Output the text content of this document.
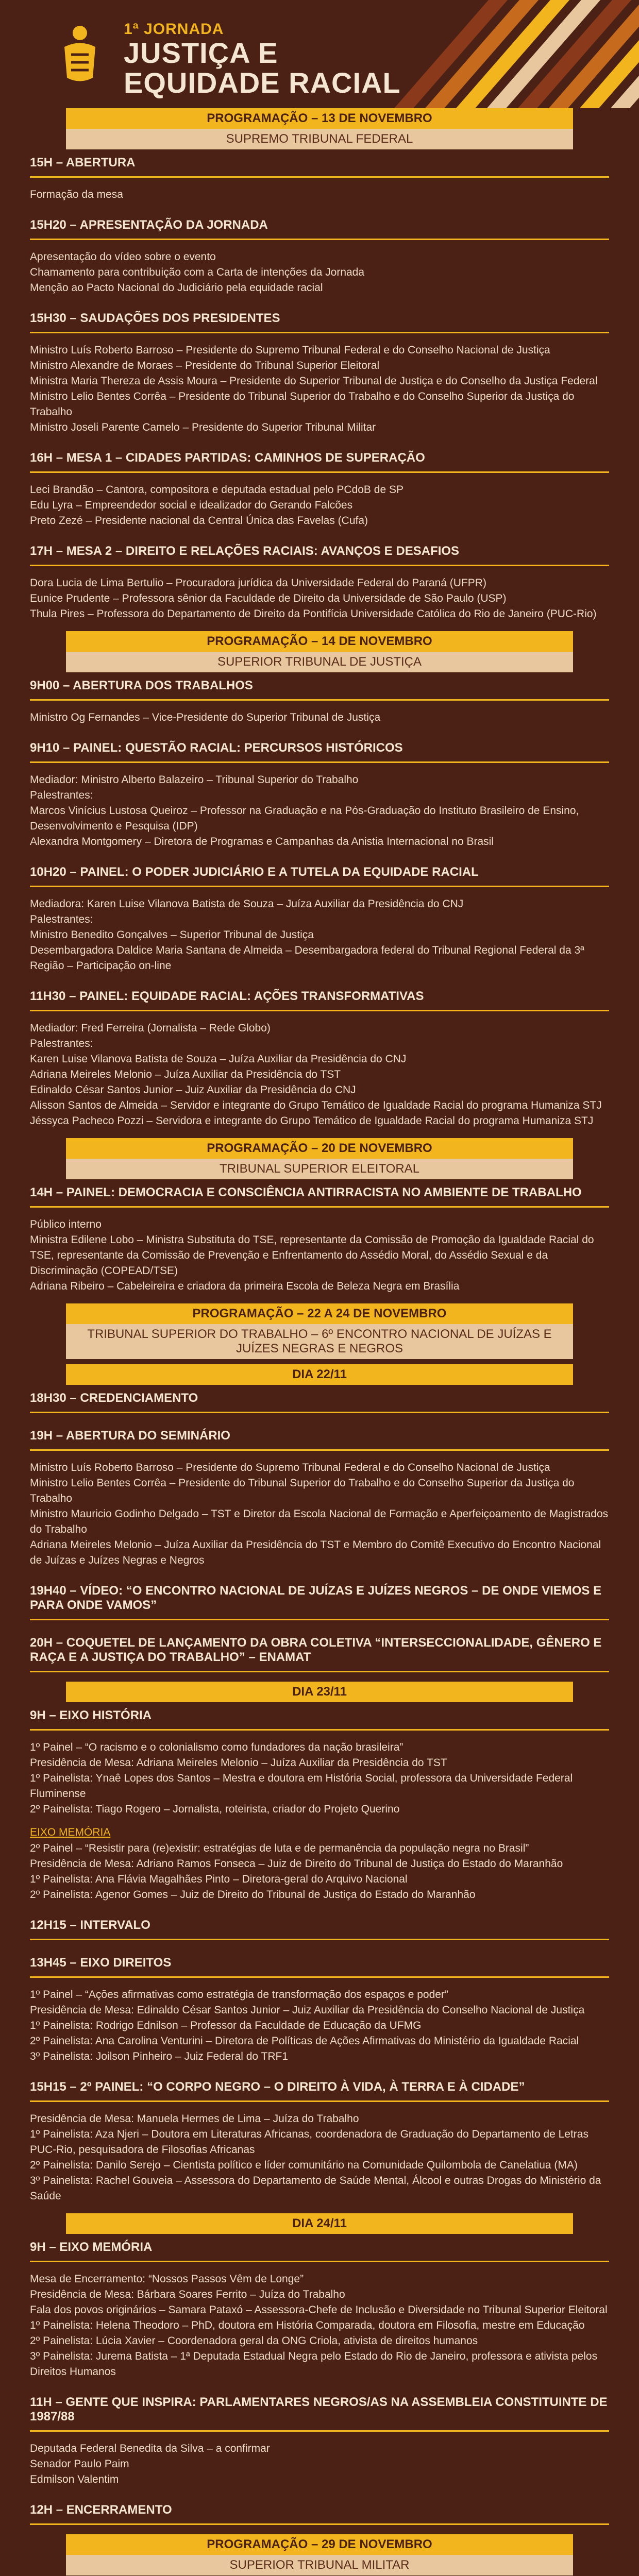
1ª JORNADA
JUSTIÇA E
EQUIDADE RACIAL
PROGRAMAÇÃO – 13 DE NOVEMBRO
SUPREMO TRIBUNAL FEDERAL
15H – ABERTURA

Formação da mesa

15H20 – APRESENTAÇÃO DA JORNADA

Apresentação do vídeo sobre o evento

Chamamento para contribuição com a Carta de intenções da Jornada

Menção ao Pacto Nacional do Judiciário pela equidade racial

15H30 – SAUDAÇÕES DOS PRESIDENTES

Ministro Luís Roberto Barroso – Presidente do Supremo Tribunal Federal e do Conselho Nacional de Justiça

Ministro Alexandre de Moraes – Presidente do Tribunal Superior Eleitoral

Ministra Maria Thereza de Assis Moura – Presidente do Superior Tribunal de Justiça e do Conselho da Justiça Federal

Ministro Lelio Bentes Corrêa – Presidente do Tribunal Superior do Trabalho e do Conselho Superior da Justiça do Trabalho

Ministro Joseli Parente Camelo – Presidente do Superior Tribunal Militar

16H – MESA 1 – CIDADES PARTIDAS: CAMINHOS DE SUPERAÇÃO

Leci Brandão – Cantora, compositora e deputada estadual pelo PCdoB de SP

Edu Lyra – Empreendedor social e idealizador do Gerando Falcões

Preto Zezé – Presidente nacional da Central Única das Favelas (Cufa)

17H – MESA 2 – DIREITO E RELAÇÕES RACIAIS: AVANÇOS E DESAFIOS

Dora Lucia de Lima Bertulio – Procuradora jurídica da Universidade Federal do Paraná (UFPR)

Eunice Prudente – Professora sênior da Faculdade de Direito da Universidade de São Paulo (USP)

Thula Pires – Professora do Departamento de Direito da Pontifícia Universidade Católica do Rio de Janeiro (PUC-Rio)

PROGRAMAÇÃO – 14 DE NOVEMBRO
SUPERIOR TRIBUNAL DE JUSTIÇA
9H00 – ABERTURA DOS TRABALHOS

Ministro Og Fernandes – Vice-Presidente do Superior Tribunal de Justiça

9H10 – PAINEL: QUESTÃO RACIAL: PERCURSOS HISTÓRICOS

Mediador: Ministro Alberto Balazeiro – Tribunal Superior do Trabalho

Palestrantes:

Marcos Vinícius Lustosa Queiroz – Professor na Graduação e na Pós-Graduação do Instituto Brasileiro de Ensino, Desenvolvimento e Pesquisa (IDP)

Alexandra Montgomery – Diretora de Programas e Campanhas da Anistia Internacional no Brasil

10H20 – PAINEL: O PODER JUDICIÁRIO E A TUTELA DA EQUIDADE RACIAL

Mediadora: Karen Luise Vilanova Batista de Souza – Juíza Auxiliar da Presidência do CNJ

Palestrantes:

Ministro Benedito Gonçalves – Superior Tribunal de Justiça

Desembargadora Daldice Maria Santana de Almeida – Desembargadora federal do Tribunal Regional Federal da 3ª Região – Participação on-line

11H30 – PAINEL: EQUIDADE RACIAL: AÇÕES TRANSFORMATIVAS

Mediador: Fred Ferreira (Jornalista – Rede Globo)

Palestrantes:

Karen Luise Vilanova Batista de Souza – Juíza Auxiliar da Presidência do CNJ

Adriana Meireles Melonio – Juíza Auxiliar da Presidência do TST

Edinaldo César Santos Junior – Juiz Auxiliar da Presidência do CNJ

Alisson Santos de Almeida – Servidor e integrante do Grupo Temático de Igualdade Racial do programa Humaniza STJ

Jéssyca Pacheco Pozzi – Servidora e integrante do Grupo Temático de Igualdade Racial do programa Humaniza STJ

PROGRAMAÇÃO – 20 DE NOVEMBRO
TRIBUNAL SUPERIOR ELEITORAL
14H – PAINEL: DEMOCRACIA E CONSCIÊNCIA ANTIRRACISTA NO AMBIENTE DE TRABALHO

Público interno

Ministra Edilene Lobo – Ministra Substituta do TSE, representante da Comissão de Promoção da Igualdade Racial do TSE, representante da Comissão de Prevenção e Enfrentamento do Assédio Moral, do Assédio Sexual e da Discriminação (COPEAD/TSE)

Adriana Ribeiro – Cabeleireira e criadora da primeira Escola de Beleza Negra em Brasília

PROGRAMAÇÃO – 22 A 24 DE NOVEMBRO
TRIBUNAL SUPERIOR DO TRABALHO – 6º ENCONTRO NACIONAL DE JUÍZAS E JUÍZES NEGRAS E NEGROS
DIA 22/11
18H30 – CREDENCIAMENTO
19H – ABERTURA DO SEMINÁRIO

Ministro Luís Roberto Barroso – Presidente do Supremo Tribunal Federal e do Conselho Nacional de Justiça

Ministro Lelio Bentes Corrêa – Presidente do Tribunal Superior do Trabalho e do Conselho Superior da Justiça do Trabalho

Ministro Mauricio Godinho Delgado – TST e Diretor da Escola Nacional de Formação e Aperfeiçoamento de Magistrados do Trabalho

Adriana Meireles Melonio – Juíza Auxiliar da Presidência do TST e Membro do Comitê Executivo do Encontro Nacional de Juízas e Juízes Negras e Negros

19H40 – VÍDEO: “O ENCONTRO NACIONAL DE JUÍZAS E JUÍZES NEGROS – DE ONDE VIEMOS E PARA ONDE VAMOS”
20H – COQUETEL DE LANÇAMENTO DA OBRA COLETIVA “INTERSECCIONALIDADE, GÊNERO E RAÇA E A JUSTIÇA DO TRABALHO” – ENAMAT
DIA 23/11
9H – EIXO HISTÓRIA

1º Painel – “O racismo e o colonialismo como fundadores da nação brasileira”

Presidência de Mesa: Adriana Meireles Melonio – Juíza Auxiliar da Presidência do TST

1º Painelista: Ynaê Lopes dos Santos – Mestra e doutora em História Social, professora da Universidade Federal Fluminense

2º Painelista: Tiago Rogero – Jornalista, roteirista, criador do Projeto Querino

EIXO MEMÓRIA

2º Painel – “Resistir para (re)existir: estratégias de luta e de permanência da população negra no Brasil”

Presidência de Mesa: Adriano Ramos Fonseca – Juiz de Direito do Tribunal de Justiça do Estado do Maranhão

1º Painelista: Ana Flávia Magalhães Pinto – Diretora-geral do Arquivo Nacional

2º Painelista: Agenor Gomes – Juiz de Direito do Tribunal de Justiça do Estado do Maranhão

12H15 – INTERVALO
13H45 – EIXO DIREITOS

1º Painel – “Ações afirmativas como estratégia de transformação dos espaços e poder”

Presidência de Mesa: Edinaldo César Santos Junior – Juiz Auxiliar da Presidência do Conselho Nacional de Justiça

1º Painelista: Rodrigo Ednilson – Professor da Faculdade de Educação da UFMG

2º Painelista: Ana Carolina Venturini – Diretora de Políticas de Ações Afirmativas do Ministério da Igualdade Racial

3º Painelista: Joilson Pinheiro – Juiz Federal do TRF1

15H15 – 2º PAINEL: “O CORPO NEGRO – O DIREITO À VIDA, À TERRA E À CIDADE”

Presidência de Mesa: Manuela Hermes de Lima – Juíza do Trabalho

1º Painelista: Aza Njeri – Doutora em Literaturas Africanas, coordenadora de Graduação do Departamento de Letras PUC-Rio, pesquisadora de Filosofias Africanas

2º Painelista: Danilo Serejo – Cientista político e líder comunitário na Comunidade Quilombola de Canelatiua (MA)

3º Painelista: Rachel Gouveia – Assessora do Departamento de Saúde Mental, Álcool e outras Drogas do Ministério da Saúde

DIA 24/11
9H – EIXO MEMÓRIA

Mesa de Encerramento: “Nossos Passos Vêm de Longe”

Presidência de Mesa: Bárbara Soares Ferrito – Juíza do Trabalho

Fala dos povos originários – Samara Pataxó – Assessora-Chefe de Inclusão e Diversidade no Tribunal Superior Eleitoral

1º Painelista: Helena Theodoro – PhD, doutora em História Comparada, doutora em Filosofia, mestre em Educação

2º Painelista: Lúcia Xavier – Coordenadora geral da ONG Criola, ativista de direitos humanos

3º Painelista: Jurema Batista – 1ª Deputada Estadual Negra pelo Estado do Rio de Janeiro, professora e ativista pelos Direitos Humanos

11H – GENTE QUE INSPIRA: PARLAMENTARES NEGROS/AS NA ASSEMBLEIA CONSTITUINTE DE 1987/88

Deputada Federal Benedita da Silva – a confirmar

Senador Paulo Paim

Edmilson Valentim

12H – ENCERRAMENTO
PROGRAMAÇÃO – 29 DE NOVEMBRO
SUPERIOR TRIBUNAL MILITAR
